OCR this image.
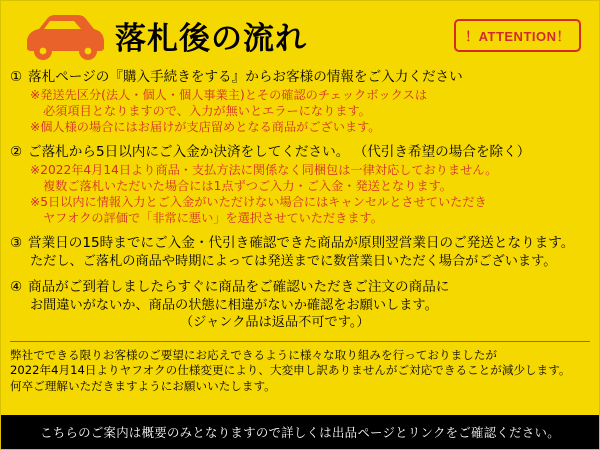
落札後の流れ	！ATTENTION！
① 落札ページの『購入手続きをする』からお客様の情報をご入力ください
※発送先区分(法人・個人・個人事業主)とその確認のチェックボックスは
必須項目となりますので、入力が無いとエラーになります。
※個人様の場合にはお届けが支店留めとなる商品がございます。
② ご落札から5日以内にご入金か決済をしてください。 （代引き希望の場合を除く）
※2022年4月14日より商品・支払方法に関係なく同梱包は一律対応しておりません。
複数ご落札いただいた場合には1点ずつご入力・ご入金・発送となります。
※5日以内に情報入力とご入金がいただけない場合にはキャンセルとさせていただき
ヤフオクの評価で「非常に悪い」を選択させていただきます。
③ 営業日の15時までにご入金・代引き確認できた商品が原則翌営業日のご発送となります。
ただし、ご落札の商品や時期によっては発送までに数営業日いただく場合がございます。
④ 商品がご到着しましたらすぐに商品をご確認いただきご注文の商品に
お間違いがないか、商品の状態に相違がないか確認をお願いします。
（ジャンク品は返品不可です。）
弊社でできる限りお客様のご要望にお応えできるように様々な取り組みを行っておりましたが
2022年4月14日よりヤフオクの仕様変更により、大変申し訳ありませんがご対応できることが減少します。
何卒ご理解いただきますようにお願いいたします。
こちらのご案内は概要のみとなりますので詳しくは出品ページとリンクをご確認ください。
